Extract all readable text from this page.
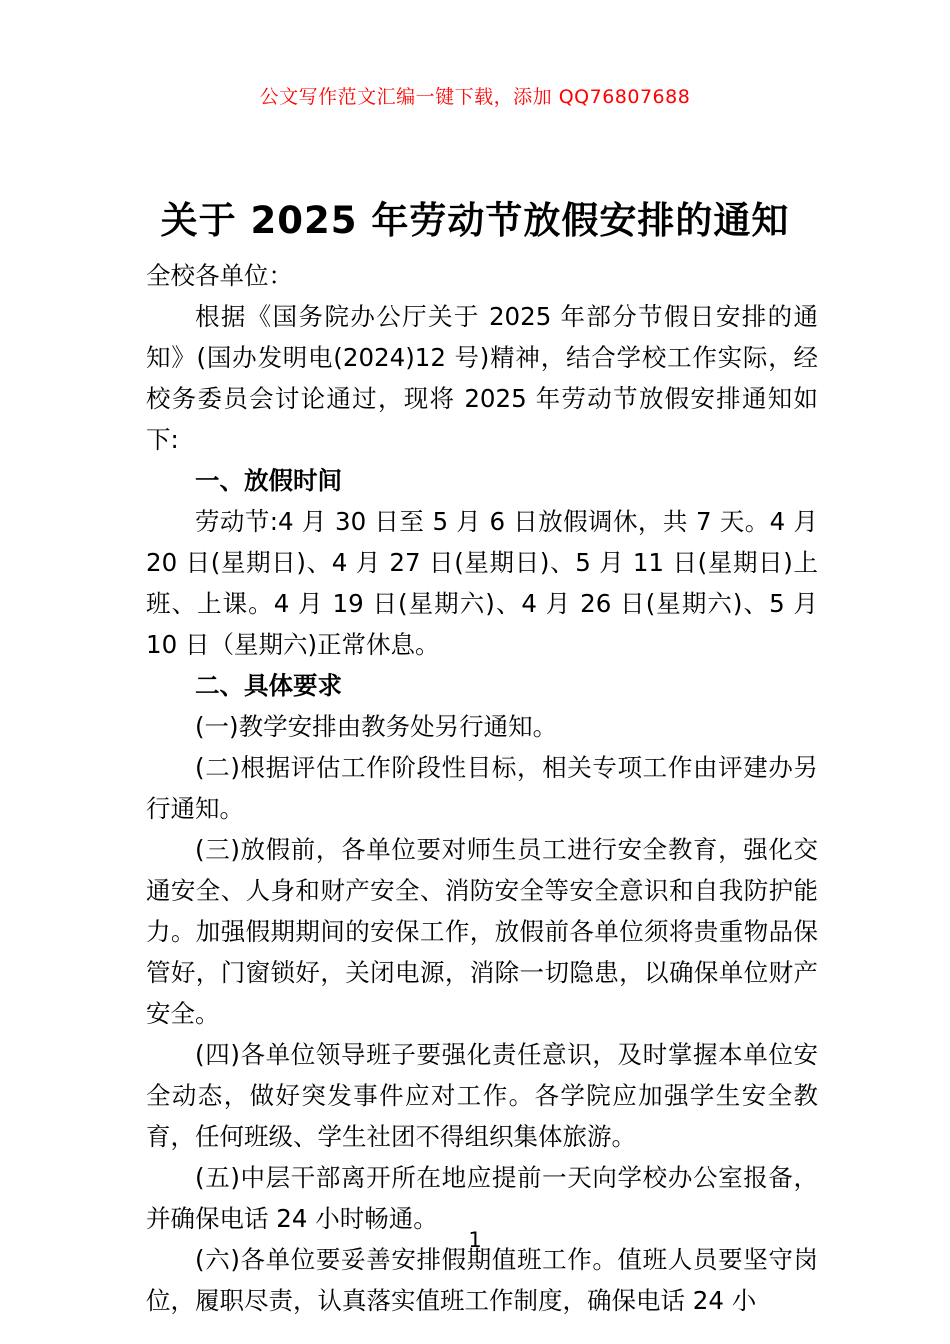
公文写作范文汇编一键下载，添加 QQ76807688
关于 2025 年劳动节放假安排的通知

全校各单位：

根据《国务院办公厅关于 2025 年部分节假日安排的通知》(国办发明电(2024)12 号)精神，结合学校工作实际，经校务委员会讨论通过，现将 2025 年劳动节放假安排通知如下:

一、放假时间

劳动节:4 月 30 日至 5 月 6 日放假调休，共 7 天。4 月 20 日(星期日)、4 月 27 日(星期日)、5 月 11 日(星期日)上班、上课。4 月 19 日(星期六)、4 月 26 日(星期六)、5 月 10 日（星期六)正常休息。

二、具体要求

(一)教学安排由教务处另行通知。

(二)根据评估工作阶段性目标，相关专项工作由评建办另行通知。

(三)放假前，各单位要对师生员工进行安全教育，强化交通安全、人身和财产安全、消防安全等安全意识和自我防护能力。加强假期期间的安保工作，放假前各单位须将贵重物品保管好，门窗锁好，关闭电源，消除一切隐患，以确保单位财产安全。

(四)各单位领导班子要强化责任意识，及时掌握本单位安全动态，做好突发事件应对工作。各学院应加强学生安全教育，任何班级、学生社团不得组织集体旅游。

(五)中层干部离开所在地应提前一天向学校办公室报备，并确保电话 24 小时畅通。

(六)各单位要妥善安排假期值班工作。值班人员要坚守岗位，履职尽责，认真落实值班工作制度，确保电话 24 小

1
